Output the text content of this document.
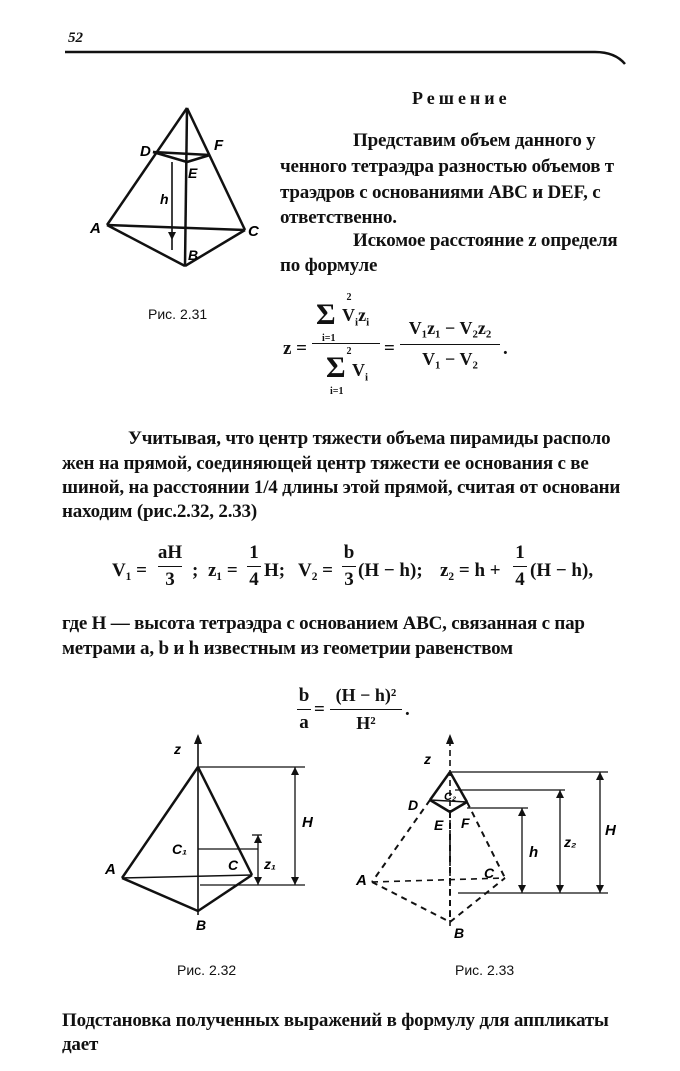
52
Решение
Представим объем данного у
ченного тетраэдра разностью объемов т
траэдров с основаниями ABC и DEF, с
ответственно.
Искомое расстояние z определя
по формуле
D	F
E
h
A
B
C
Рис. 2.31
z =
2
Σ $V_iz_i$
i=1
2
Σ $V_i$
i=1
=
V₁z₁ − V₂z₂
V₁ − V₂	.
Учитывая, что центр тяжести объема пирамиды располо
жен на прямой, соединяющей центр тяжести ее основания с ве
шиной, на расстоянии 1/4 длины этой прямой, считая от основани
находим (рис.2.32, 2.33)
V₁ =
aH
3 ; z₁ =
1
4 H; V₂ =
b
3 (H − h); z₂ = h +
1
4 (H − h),
где H — высота тетраэдра с основанием ABC, связанная с пар
метрами a, b и h известным из геометрии равенством
b
a
=
(H − h)²
H²
.
z
H
C₁
C z₁
A
B
Рис. 2.32
z
D C₂
E F
h
z₂
H
A	C
B
Рис. 2.33
Подстановка полученных выражений в формулу для аппликаты
дает
